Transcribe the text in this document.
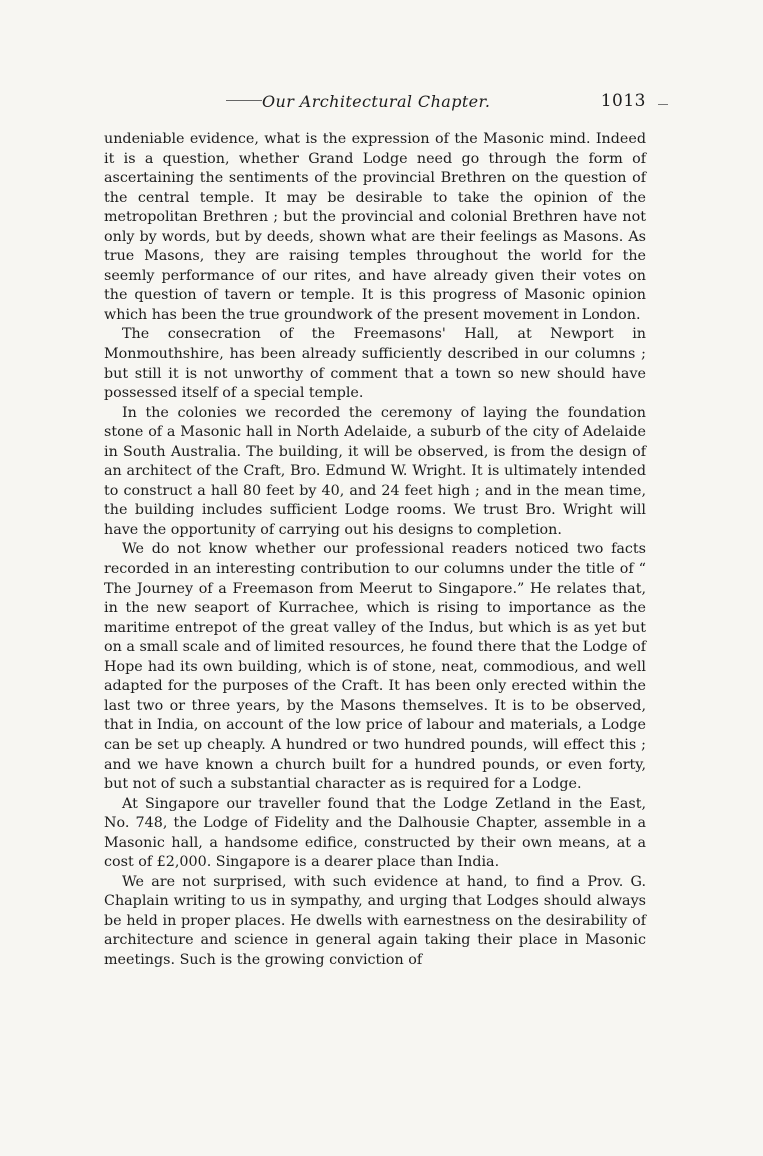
Our Architectural Chapter.	1013

undeniable evidence, what is the expression of the Masonic mind. Indeed it is a question, whether Grand Lodge need go through the form of ascertaining the sentiments of the provincial Brethren on the question of the central temple. It may be desirable to take the opinion of the metropolitan Brethren ; but the provincial and colonial Brethren have not only by words, but by deeds, shown what are their feelings as Masons. As true Masons, they are raising temples throughout the world for the seemly performance of our rites, and have already given their votes on the question of tavern or temple. It is this progress of Masonic opinion which has been the true groundwork of the present movement in London.

The consecration of the Freemasons' Hall, at Newport in Monmouthshire, has been already sufficiently described in our columns ; but still it is not unworthy of comment that a town so new should have possessed itself of a special temple.

In the colonies we recorded the ceremony of laying the foundation stone of a Masonic hall in North Adelaide, a suburb of the city of Adelaide in South Australia. The building, it will be observed, is from the design of an architect of the Craft, Bro. Edmund W. Wright. It is ultimately intended to construct a hall 80 feet by 40, and 24 feet high ; and in the mean time, the building includes sufficient Lodge rooms. We trust Bro. Wright will have the opportunity of carrying out his designs to completion.

We do not know whether our professional readers noticed two facts recorded in an interesting contribution to our columns under the title of “ The Journey of a Freemason from Meerut to Singapore.” He relates that, in the new seaport of Kurrachee, which is rising to importance as the maritime entrepot of the great valley of the Indus, but which is as yet but on a small scale and of limited resources, he found there that the Lodge of Hope had its own building, which is of stone, neat, commodious, and well adapted for the purposes of the Craft. It has been only erected within the last two or three years, by the Masons themselves. It is to be observed, that in India, on account of the low price of labour and materials, a Lodge can be set up cheaply. A hundred or two hundred pounds, will effect this ; and we have known a church built for a hundred pounds, or even forty, but not of such a substantial character as is required for a Lodge.

At Singapore our traveller found that the Lodge Zetland in the East, No. 748, the Lodge of Fidelity and the Dalhousie Chapter, assemble in a Masonic hall, a handsome edifice, constructed by their own means, at a cost of £2,000. Singapore is a dearer place than India.

We are not surprised, with such evidence at hand, to find a Prov. G. Chaplain writing to us in sympathy, and urging that Lodges should always be held in proper places. He dwells with earnestness on the desirability of architecture and science in general again taking their place in Masonic meetings. Such is the growing conviction of
